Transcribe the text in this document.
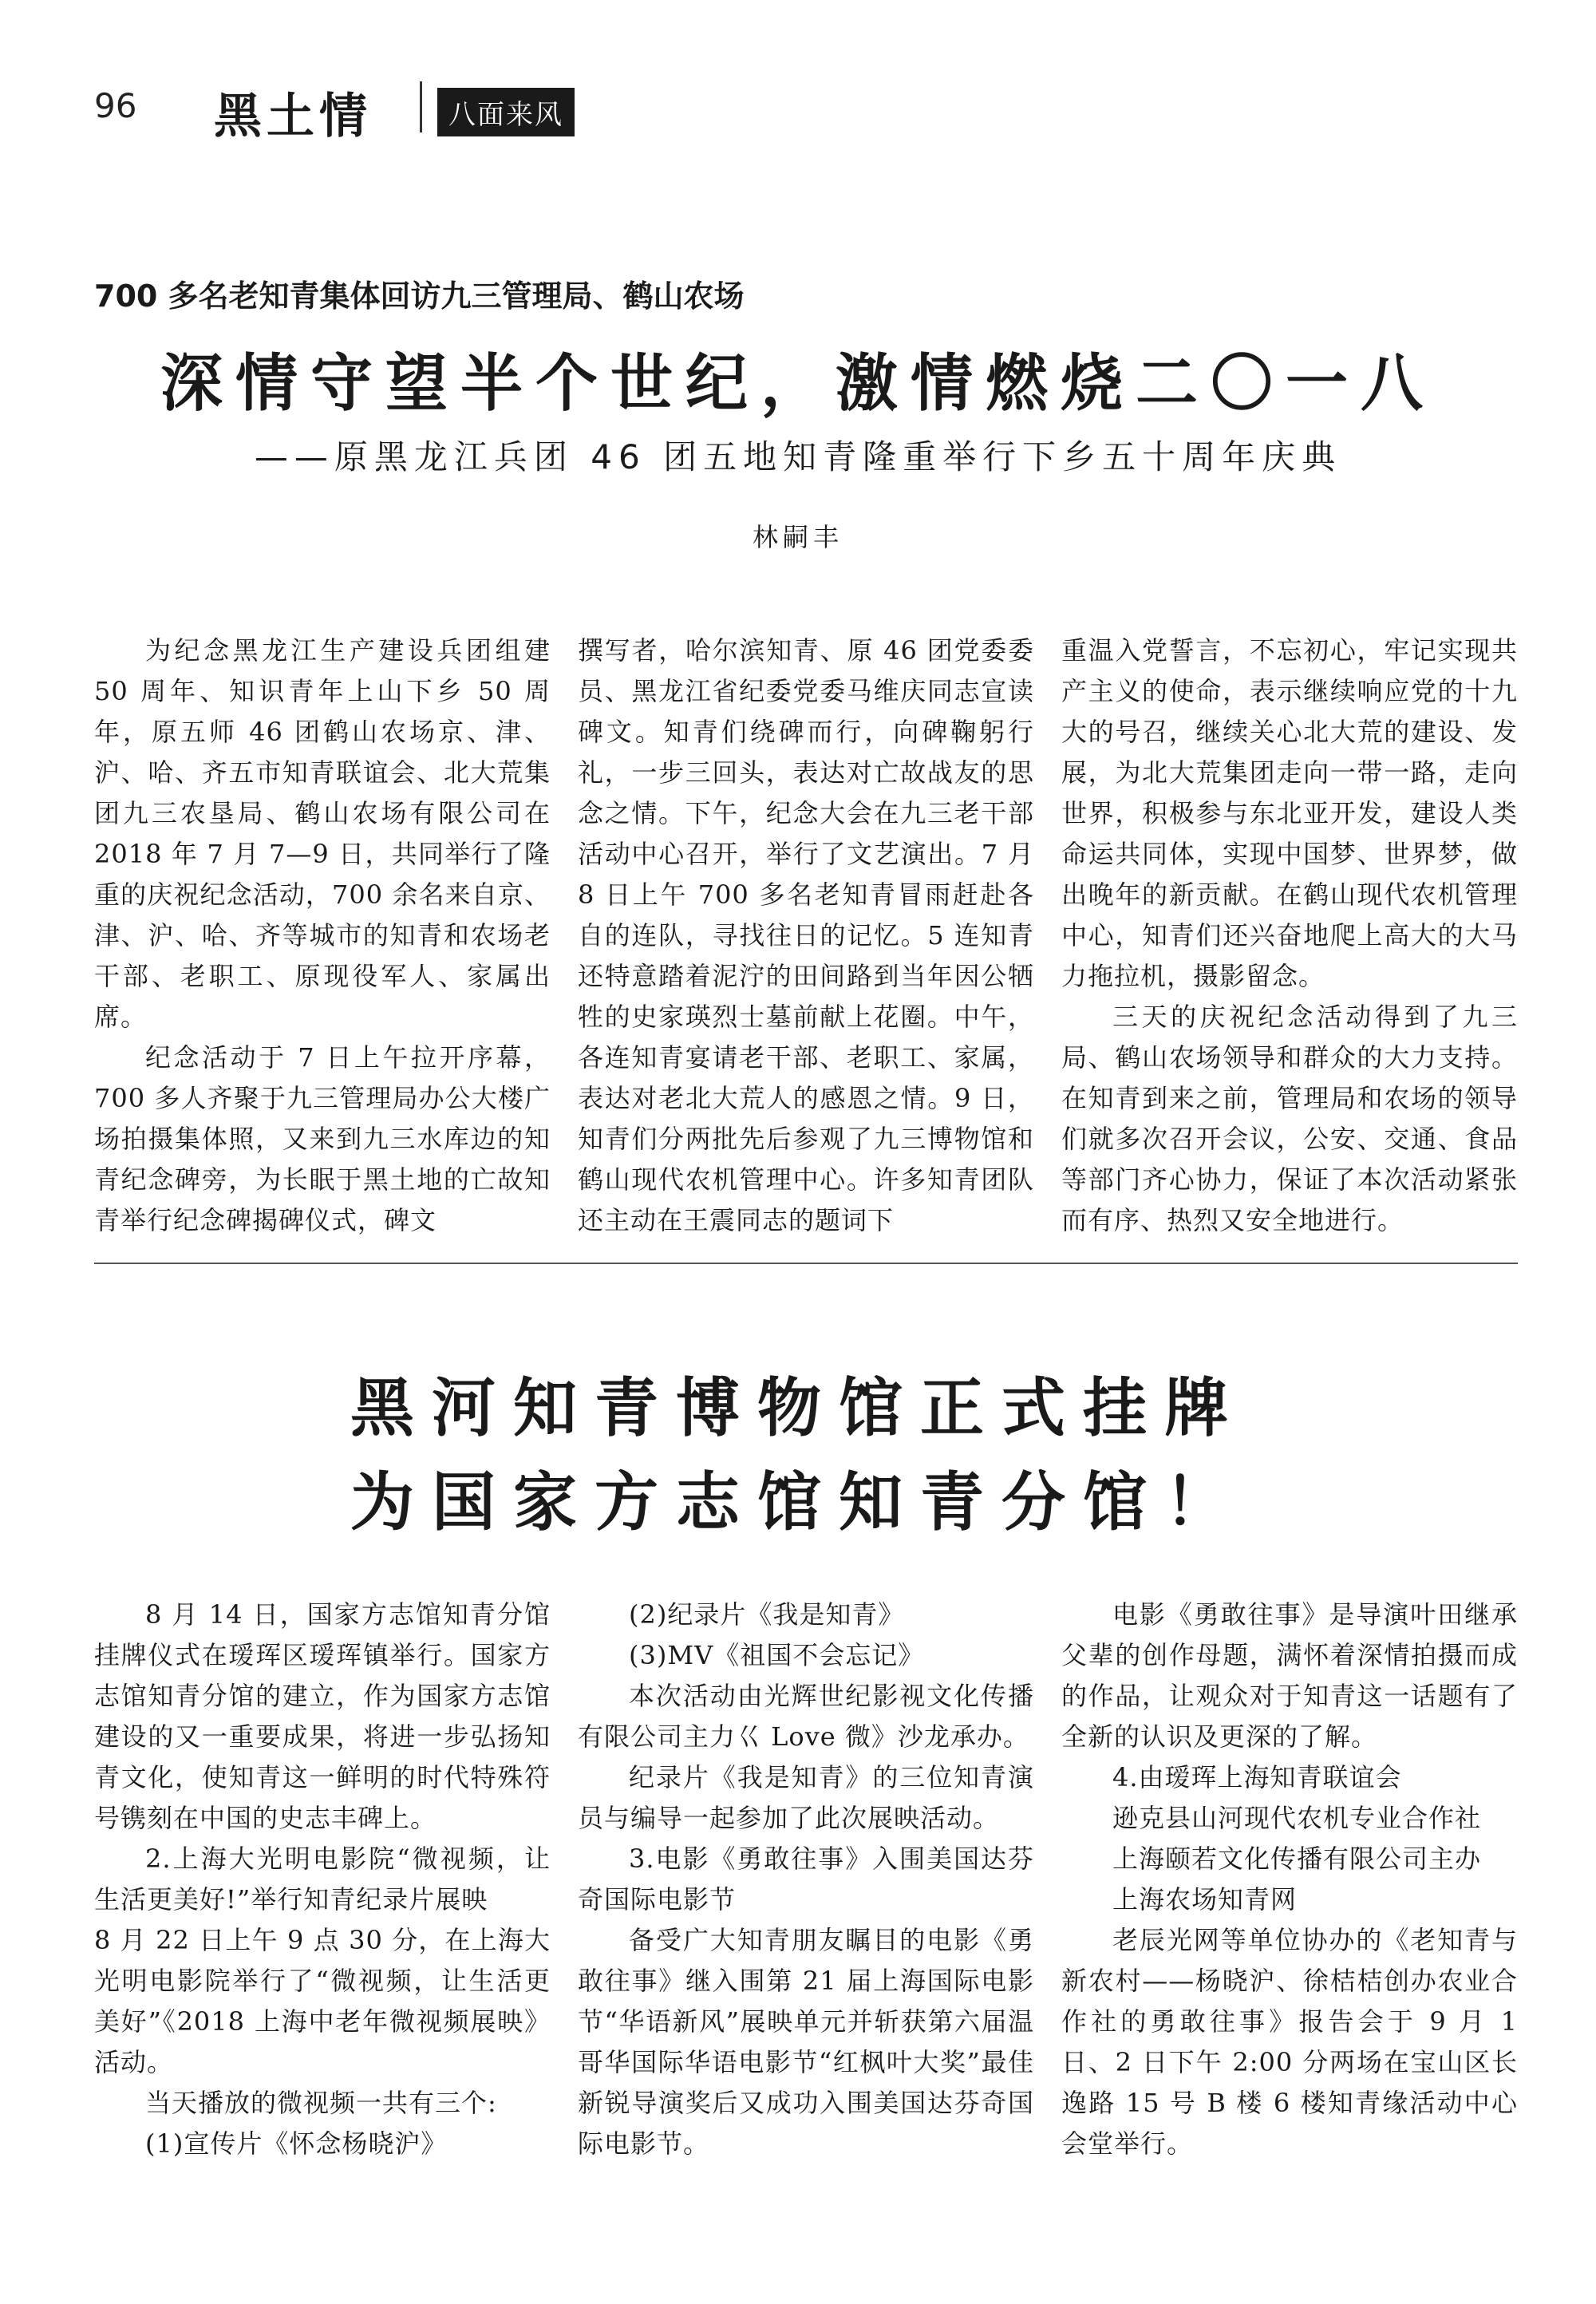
96 黑土情	八面来风
700 多名老知青集体回访九三管理局、鹤山农场
深情守望半个世纪，激情燃烧二〇一八
——原黑龙江兵团 46 团五地知青隆重举行下乡五十周年庆典
林嗣丰

为纪念黑龙江生产建设兵团组建 50 周年、知识青年上山下乡 50 周年，原五师 46 团鹤山农场京、津、沪、哈、齐五市知青联谊会、北大荒集团九三农垦局、鹤山农场有限公司在 2018 年 7 月 7—9 日，共同举行了隆重的庆祝纪念活动，700 余名来自京、津、沪、哈、齐等城市的知青和农场老干部、老职工、原现役军人、家属出席。

纪念活动于 7 日上午拉开序幕，700 多人齐聚于九三管理局办公大楼广场拍摄集体照，又来到九三水库边的知青纪念碑旁，为长眠于黑土地的亡故知青举行纪念碑揭碑仪式，碑文

撰写者，哈尔滨知青、原 46 团党委委员、黑龙江省纪委党委马维庆同志宣读碑文。知青们绕碑而行，向碑鞠躬行礼，一步三回头，表达对亡故战友的思念之情。下午，纪念大会在九三老干部活动中心召开，举行了文艺演出。7 月 8 日上午 700 多名老知青冒雨赶赴各自的连队，寻找往日的记忆。5 连知青还特意踏着泥泞的田间路到当年因公牺牲的史家瑛烈士墓前献上花圈。中午，各连知青宴请老干部、老职工、家属，表达对老北大荒人的感恩之情。9 日，知青们分两批先后参观了九三博物馆和鹤山现代农机管理中心。许多知青团队还主动在王震同志的题词下

重温入党誓言，不忘初心，牢记实现共产主义的使命，表示继续响应党的十九大的号召，继续关心北大荒的建设、发展，为北大荒集团走向一带一路，走向世界，积极参与东北亚开发，建设人类命运共同体，实现中国梦、世界梦，做出晚年的新贡献。在鹤山现代农机管理中心，知青们还兴奋地爬上高大的大马力拖拉机，摄影留念。

三天的庆祝纪念活动得到了九三局、鹤山农场领导和群众的大力支持。在知青到来之前，管理局和农场的领导们就多次召开会议，公安、交通、食品等部门齐心协力，保证了本次活动紧张而有序、热烈又安全地进行。

黑河知青博物馆正式挂牌
为国家方志馆知青分馆！

8 月 14 日，国家方志馆知青分馆挂牌仪式在瑷珲区瑷珲镇举行。国家方志馆知青分馆的建立，作为国家方志馆建设的又一重要成果，将进一步弘扬知青文化，使知青这一鲜明的时代特殊符号镌刻在中国的史志丰碑上。

2.上海大光明电影院“微视频，让生活更美好!”举行知青纪录片展映

8 月 22 日上午 9 点 30 分，在上海大光明电影院举行了“微视频，让生活更美好”《2018 上海中老年微视频展映》活动。

当天播放的微视频一共有三个:

(1)宣传片《怀念杨晓沪》

(2)纪录片《我是知青》

(3)MV《祖国不会忘记》

本次活动由光辉世纪影视文化传播有限公司主力巜 Love 微》沙龙承办。

纪录片《我是知青》的三位知青演员与编导一起参加了此次展映活动。

3.电影《勇敢往事》入围美国达芬奇国际电影节

备受广大知青朋友瞩目的电影《勇敢往事》继入围第 21 届上海国际电影节“华语新风”展映单元并斩获第六届温哥华国际华语电影节“红枫叶大奖”最佳新锐导演奖后又成功入围美国达芬奇国际电影节。

电影《勇敢往事》是导演叶田继承父辈的创作母题，满怀着深情拍摄而成的作品，让观众对于知青这一话题有了全新的认识及更深的了解。

4.由瑷珲上海知青联谊会

逊克县山河现代农机专业合作社

上海颐若文化传播有限公司主办

上海农场知青网

老辰光网等单位协办的《老知青与新农村——杨晓沪、徐桔桔创办农业合作社的勇敢往事》报告会于 9 月 1 日、2 日下午 2:00 分两场在宝山区长逸路 15 号 B 楼 6 楼知青缘活动中心会堂举行。
